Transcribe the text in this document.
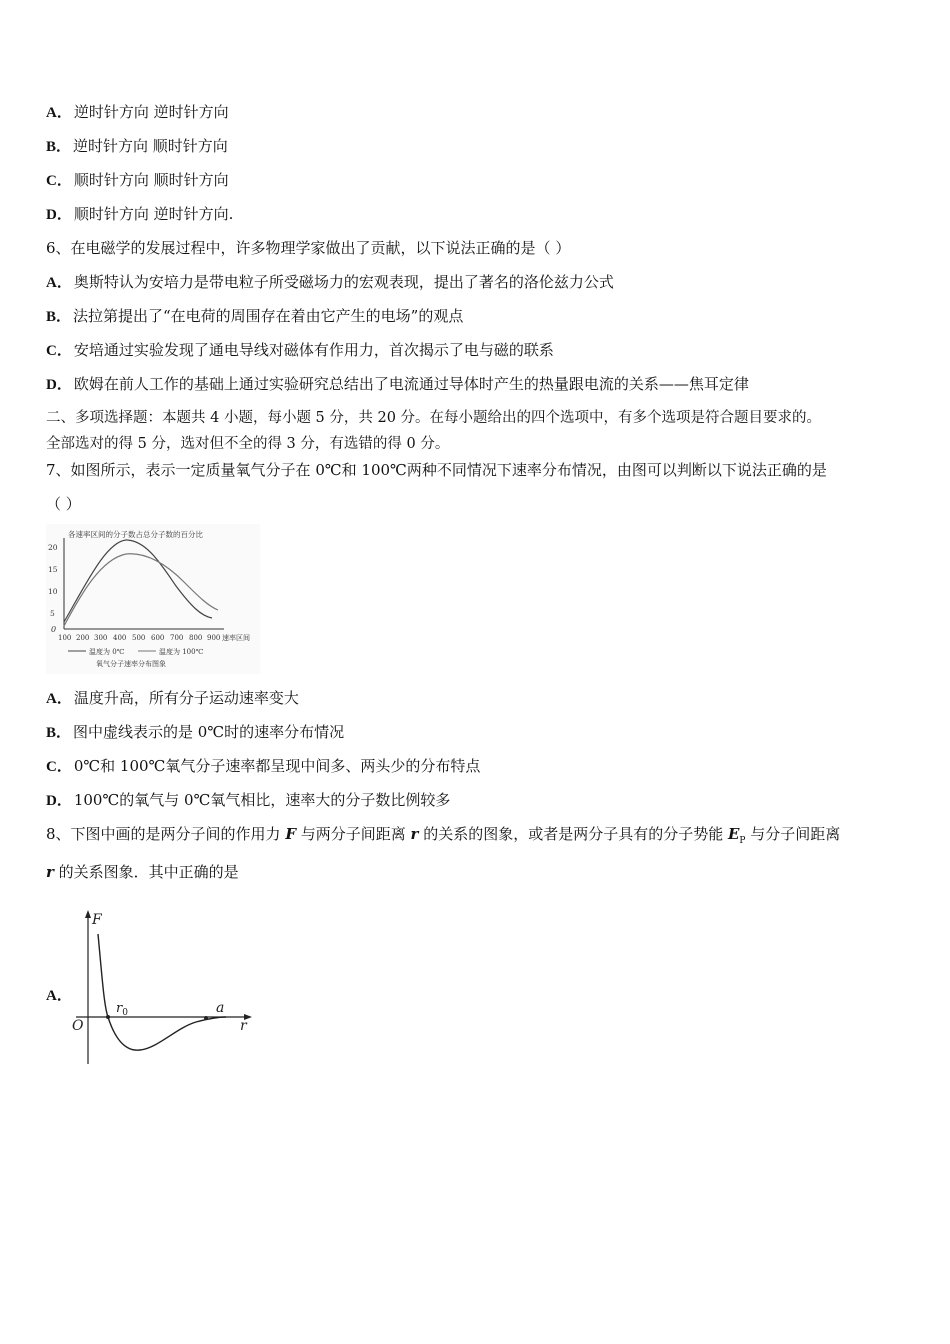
A． 逆时针方向 逆时针方向
B． 逆时针方向 顺时针方向
C． 顺时针方向 顺时针方向
D． 顺时针方向 逆时针方向.
6、在电磁学的发展过程中，许多物理学家做出了贡献，以下说法正确的是（ ）
A． 奥斯特认为安培力是带电粒子所受磁场力的宏观表现，提出了著名的洛伦兹力公式
B． 法拉第提出了“在电荷的周围存在着由它产生的电场”的观点
C． 安培通过实验发现了通电导线对磁体有作用力，首次揭示了电与磁的联系
D． 欧姆在前人工作的基础上通过实验研究总结出了电流通过导体时产生的热量跟电流的关系——焦耳定律
二、多项选择题：本题共 4 小题，每小题 5 分，共 20 分。在每小题给出的四个选项中，有多个选项是符合题目要求的。
全部选对的得 5 分，选对但不全的得 3 分，有选错的得 0 分。
7、如图所示，表示一定质量氧气分子在 0℃和 100℃两种不同情况下速率分布情况，由图可以判断以下说法正确的是
（ ）
各速率区间的分子数占总分子数的百分比
20
15
10
5
0
100 200 300 400 500 600 700 800 900 速率区间
温度为 0℃	温度为 100℃
氧气分子速率分布图象
A． 温度升高，所有分子运动速率变大
B． 图中虚线表示的是 0℃时的速率分布情况
C． 0℃和 100℃氧气分子速率都呈现中间多、两头少的分布特点
D． 100℃的氧气与 0℃氧气相比，速率大的分子数比例较多
8、下图中画的是两分子间的作用力 F 与两分子间距离 r 的关系的图象，或者是两分子具有的分子势能 $E_P$ 与分子间距离
r 的关系图象．其中正确的是
A．
F
r
O
$r_0$	a
